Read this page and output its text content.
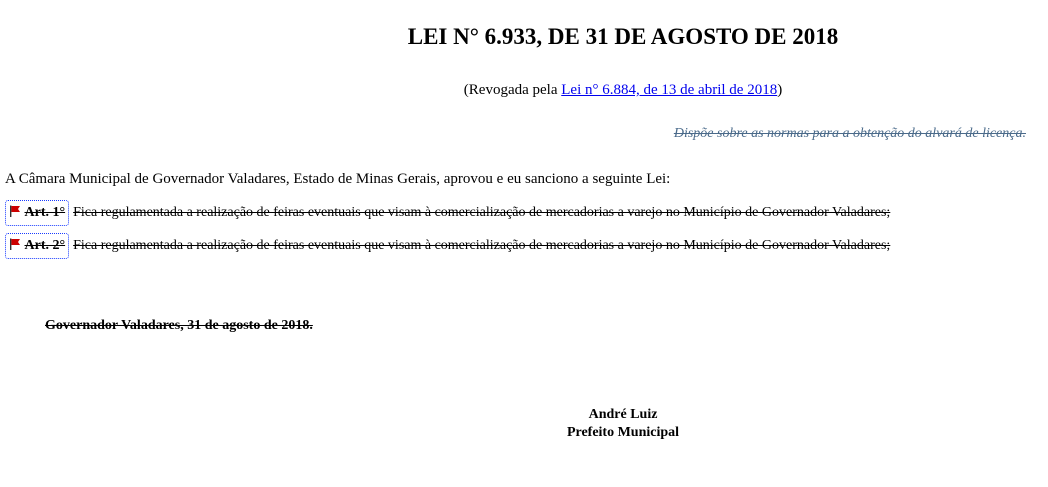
LEI N° 6.933, DE 31 DE AGOSTO DE 2018
(Revogada pela Lei n° 6.884, de 13 de abril de 2018)
Dispõe sobre as normas para a obtenção do alvará de licença.
A Câmara Municipal de Governador Valadares, Estado de Minas Gerais, aprovou e eu sanciono a seguinte Lei:
Art. 1° Fica regulamentada a realização de feiras eventuais que visam à comercialização de mercadorias a varejo no Município de Governador Valadares;
Art. 2° Fica regulamentada a realização de feiras eventuais que visam à comercialização de mercadorias a varejo no Município de Governador Valadares;
Governador Valadares, 31 de agosto de 2018.
André Luiz
Prefeito Municipal
